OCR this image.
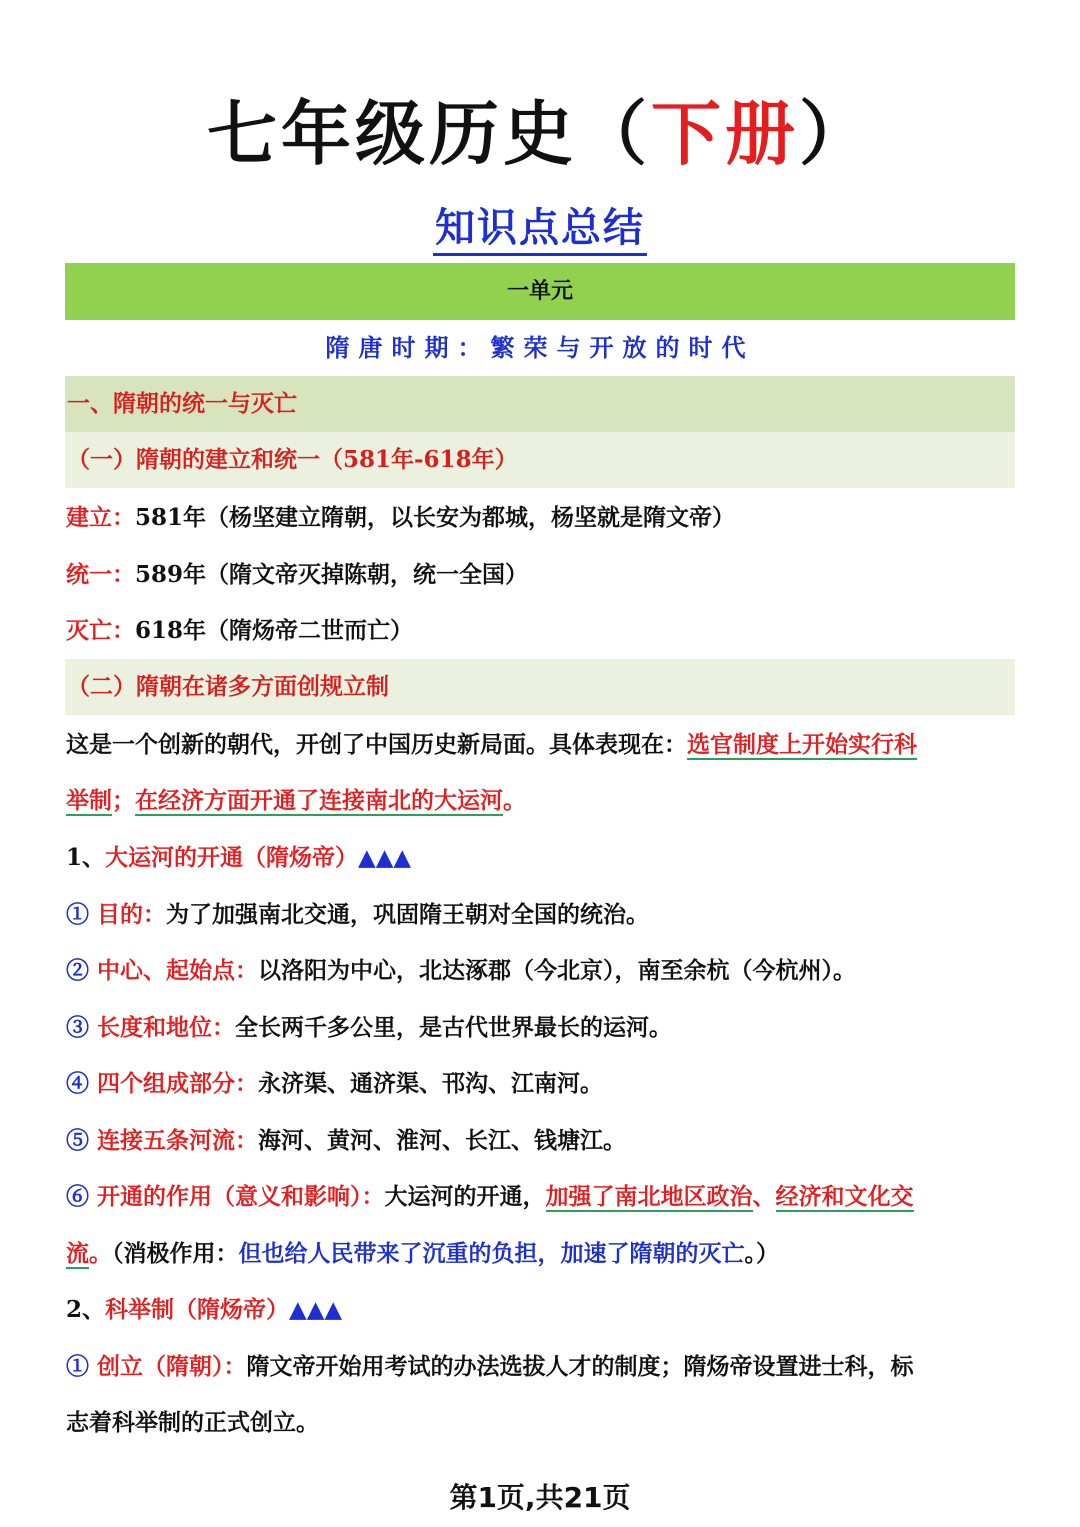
七年级历史（下册）
知识点总结
一单元
隋唐时期：繁荣与开放的时代
一、隋朝的统一与灭亡
（一）隋朝的建立和统一（581年-618年）
建立：581年（杨坚建立隋朝，以长安为都城，杨坚就是隋文帝）
统一：589年（隋文帝灭掉陈朝，统一全国）
灭亡：618年（隋炀帝二世而亡）
（二）隋朝在诸多方面创规立制
这是一个创新的朝代，开创了中国历史新局面。具体表现在：选官制度上开始实行科
举制；在经济方面开通了连接南北的大运河。
1、大运河的开通（隋炀帝）▲▲▲
① 目的：为了加强南北交通，巩固隋王朝对全国的统治。
② 中心、起始点：以洛阳为中心，北达涿郡（今北京），南至余杭（今杭州）。
③ 长度和地位：全长两千多公里，是古代世界最长的运河。
④ 四个组成部分：永济渠、通济渠、邗沟、江南河。
⑤ 连接五条河流：海河、黄河、淮河、长江、钱塘江。
⑥ 开通的作用（意义和影响）：大运河的开通，加强了南北地区政治、经济和文化交
流。（消极作用：但也给人民带来了沉重的负担，加速了隋朝的灭亡。）
2、科举制（隋炀帝）▲▲▲
① 创立（隋朝）：隋文帝开始用考试的办法选拔人才的制度；隋炀帝设置进士科，标
志着科举制的正式创立。
第1页,共21页
